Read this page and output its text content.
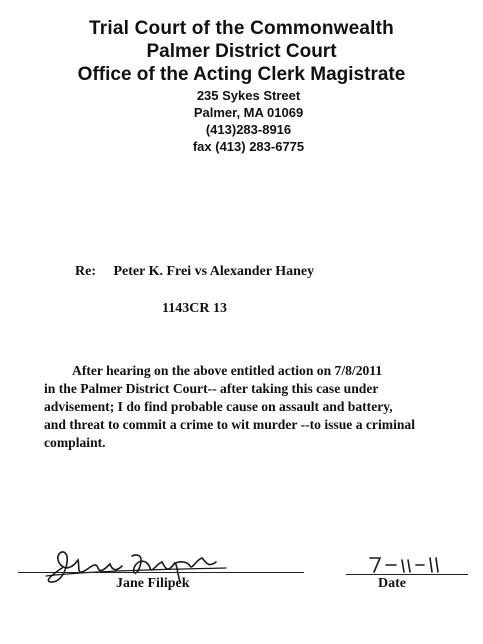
Trial Court of the Commonwealth
Palmer District Court
Office of the Acting Clerk Magistrate
235 Sykes Street
Palmer, MA 01069
(413)283-8916
fax (413) 283-6775
Re: Peter K. Frei vs Alexander Haney
1143CR 13
After hearing on the above entitled action on 7/8/2011
in the Palmer District Court-- after taking this case under
advisement; I do find probable cause on assault and battery,
and threat to commit a crime to wit murder --to issue a criminal
complaint.
Jane Filipek	Date
